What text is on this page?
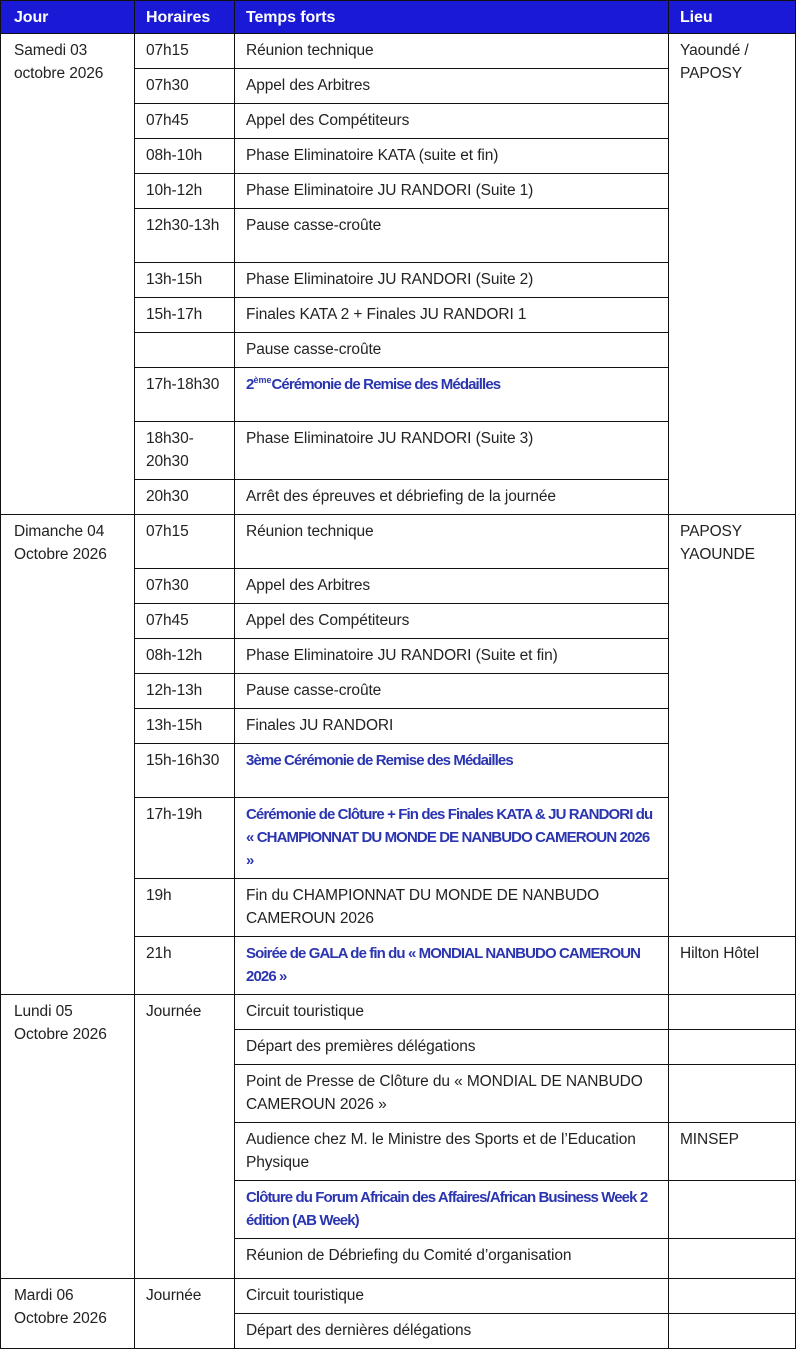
Jour	Horaires	Temps forts	Lieu
Samedi 03 octobre 2026	07h15	Réunion technique	Yaoundé / PAPOSY
	07h30	Appel des Arbitres	
	07h45	Appel des Compétiteurs	
	08h-10h	Phase Eliminatoire KATA (suite et fin)	
	10h-12h	Phase Eliminatoire JU RANDORI (Suite 1)	
	12h30-13h	Pause casse-croûte	
	13h-15h	Phase Eliminatoire JU RANDORI (Suite 2)	
	15h-17h	Finales KATA 2 + Finales JU RANDORI 1	
		Pause casse-croûte	
	17h-18h30	2èmeCérémonie de Remise des Médailles	
	18h30-20h30	Phase Eliminatoire JU RANDORI (Suite 3)	
	20h30	Arrêt des épreuves et débriefing de la journée	
Dimanche 04 Octobre 2026	07h15	Réunion technique	PAPOSY YAOUNDE
	07h30	Appel des Arbitres	
	07h45	Appel des Compétiteurs	
	08h-12h	Phase Eliminatoire JU RANDORI (Suite et fin)	
	12h-13h	Pause casse-croûte	
	13h-15h	Finales JU RANDORI	
	15h-16h30	3ème Cérémonie de Remise des Médailles	
	17h-19h	Cérémonie de Clôture + Fin des Finales KATA & JU RANDORI du « CHAMPIONNAT DU MONDE DE NANBUDO CAMEROUN 2026 »	
	19h	Fin du CHAMPIONNAT DU MONDE DE NANBUDO CAMEROUN 2026	
	21h	Soirée de GALA de fin du « MONDIAL NANBUDO CAMEROUN 2026 »	Hilton Hôtel
Lundi 05 Octobre 2026	Journée	Circuit touristique	
		Départ des premières délégations	
		Point de Presse de Clôture du « MONDIAL DE NANBUDO CAMEROUN 2026 »	
		Audience chez M. le Ministre des Sports et de l’Education Physique	MINSEP
		Clôture du Forum Africain des Affaires/African Business Week 2 édition (AB Week)	
		Réunion de Débriefing du Comité d’organisation	
Mardi 06 Octobre 2026	Journée	Circuit touristique	
		Départ des dernières délégations	
